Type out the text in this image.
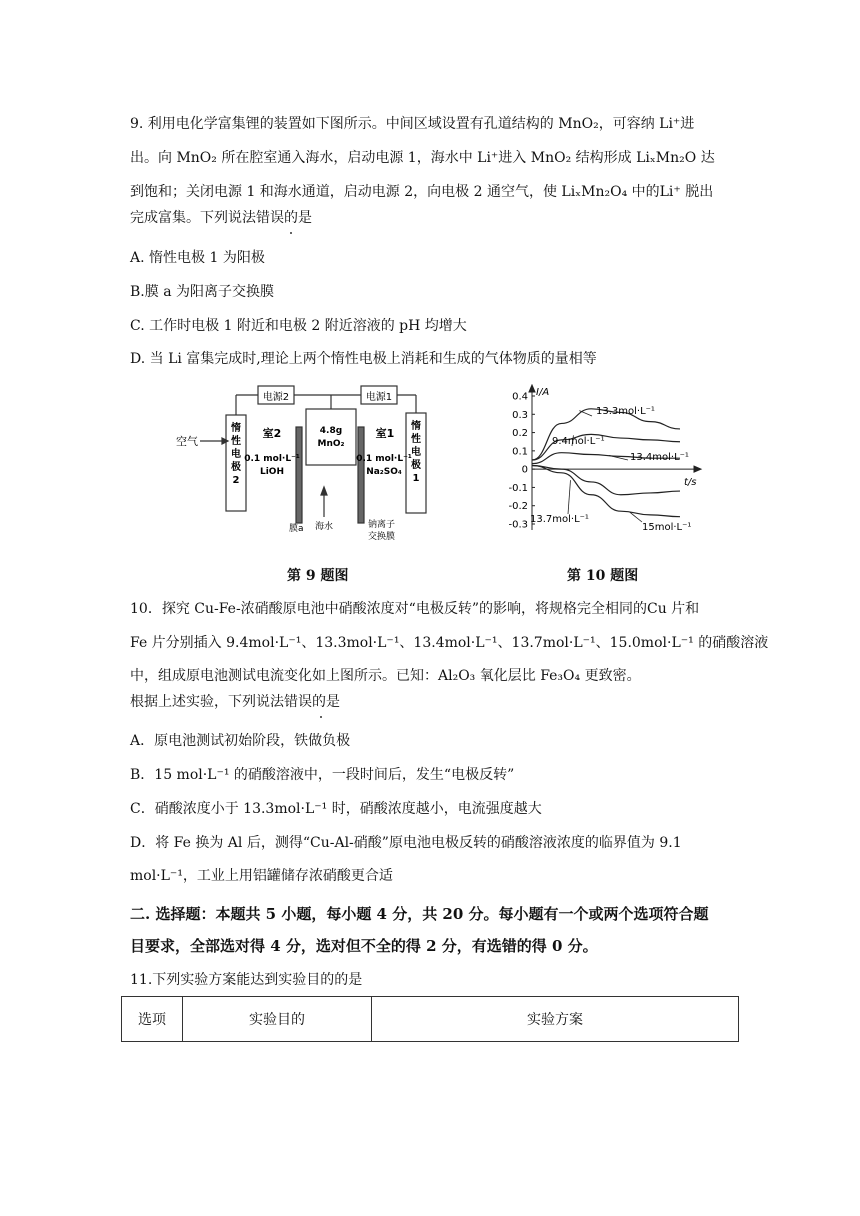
9. 利用电化学富集锂的装置如下图所示。中间区域设置有孔道结构的 MnO₂，可容纳 Li⁺进
出。向 MnO₂ 所在腔室通入海水，启动电源 1，海水中 Li⁺进入 MnO₂ 结构形成 LiₓMn₂O 达
到饱和；关闭电源 1 和海水通道，启动电源 2，向电极 2 通空气，使 LiₓMn₂O₄ 中的Li⁺ 脱出
完成富集。下列说法错误的是
A. 惰性电极 1 为阳极
B.膜 a 为阳离子交换膜
C. 工作时电极 1 附近和电极 2 附近溶液的 pH 均增大
D. 当 Li 富集完成时,理论上两个惰性电极上消耗和生成的气体物质的量相等
电源2	电源1
空气
惰
性
电
极
2
惰
性
电
极
1
室2
0.1 mol·L⁻¹
LiOH
4.8g
MnO₂
室1
0.1 mol·L⁻¹
Na₂SO₄
膜a 海水	钠离子
交换膜
0.4
0.3
0.2
0.1
0
-0.1
-0.2
-0.3
I/A
t/s
13.3mol·L⁻¹
9.4mol·L⁻¹
13.4mol·L⁻¹
13.7mol·L⁻¹
15mol·L⁻¹
第 9 题图	第 10 题图
10．探究 Cu-Fe-浓硝酸原电池中硝酸浓度对“电极反转”的影响，将规格完全相同的Cu 片和
Fe 片分别插入 9.4mol·L⁻¹、13.3mol·L⁻¹、13.4mol·L⁻¹、13.7mol·L⁻¹、15.0mol·L⁻¹ 的硝酸溶液
中，组成原电池测试电流变化如上图所示。已知：Al₂O₃ 氧化层比 Fe₃O₄ 更致密。
根据上述实验，下列说法错误的是
A．原电池测试初始阶段，铁做负极
B．15 mol·L⁻¹ 的硝酸溶液中，一段时间后，发生“电极反转”
C．硝酸浓度小于 13.3mol·L⁻¹ 时，硝酸浓度越小，电流强度越大
D．将 Fe 换为 Al 后，测得“Cu-Al-硝酸”原电池电极反转的硝酸溶液浓度的临界值为 9.1
mol·L⁻¹，工业上用铝罐储存浓硝酸更合适
二. 选择题：本题共 5 小题，每小题 4 分，共 20 分。每小题有一个或两个选项符合题
目要求，全部选对得 4 分，选对但不全的得 2 分，有选错的得 0 分。
11.下列实验方案能达到实验目的的是
选项	实验目的	实验方案
